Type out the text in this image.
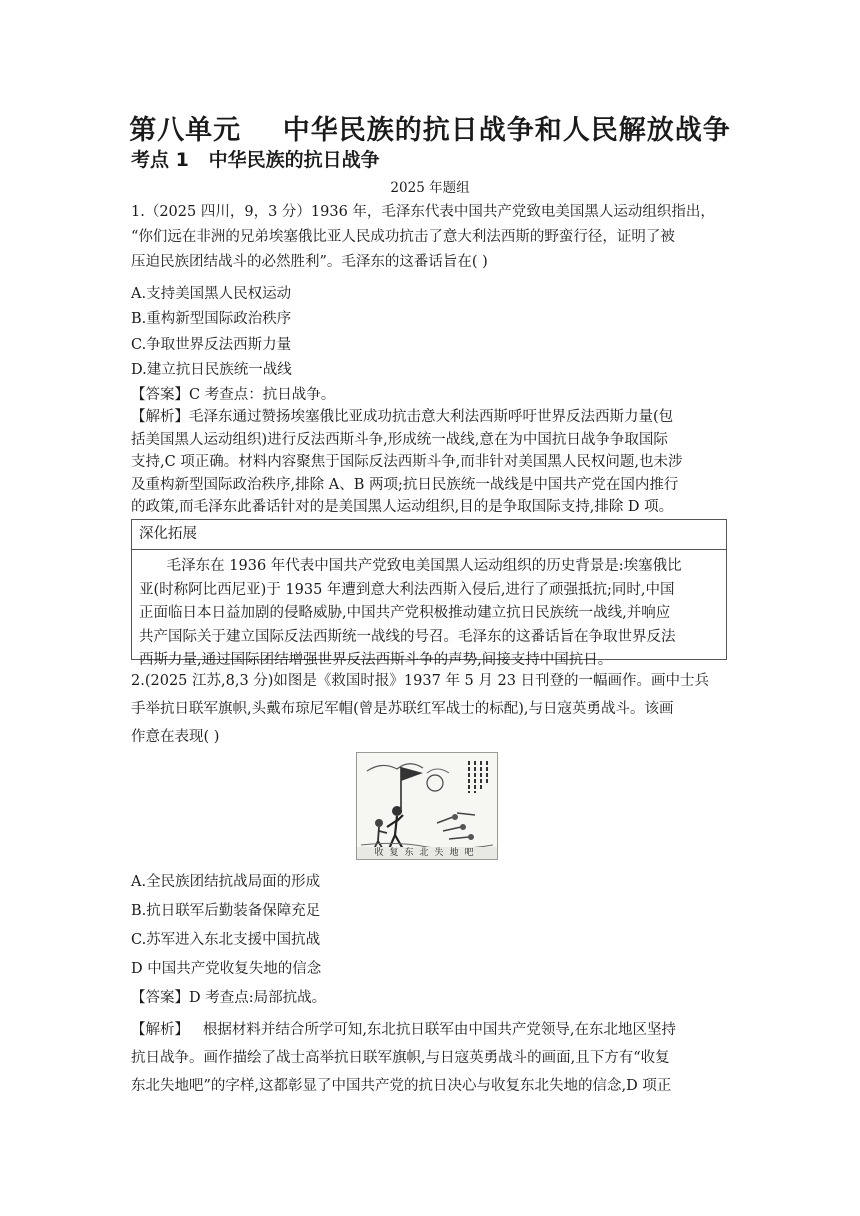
第八单元    中华民族的抗日战争和人民解放战争
考点 1   中华民族的抗日战争
2025 年题组
1.（2025 四川，9，3 分）1936 年，毛泽东代表中国共产党致电美国黑人运动组织指出，
“你们远在非洲的兄弟埃塞俄比亚人民成功抗击了意大利法西斯的野蛮行径，证明了被
压迫民族团结战斗的必然胜利”。毛泽东的这番话旨在( )
A.支持美国黑人民权运动
B.重构新型国际政治秩序
C.争取世界反法西斯力量
D.建立抗日民族统一战线
【答案】C 考查点：抗日战争。
【解析】毛泽东通过赞扬埃塞俄比亚成功抗击意大利法西斯呼吁世界反法西斯力量(包
括美国黑人运动组织)进行反法西斯斗争,形成统一战线,意在为中国抗日战争争取国际
支持,C 项正确。材料内容聚焦于国际反法西斯斗争,而非针对美国黑人民权问题,也未涉
及重构新型国际政治秩序,排除 A、B 两项;抗日民族统一战线是中国共产党在国内推行
的政策,而毛泽东此番话针对的是美国黑人运动组织,目的是争取国际支持,排除 D 项。
深化拓展
毛泽东在 1936 年代表中国共产党致电美国黑人运动组织的历史背景是:埃塞俄比
亚(时称阿比西尼亚)于 1935 年遭到意大利法西斯入侵后,进行了顽强抵抗;同时,中国
正面临日本日益加剧的侵略威胁,中国共产党积极推动建立抗日民族统一战线,并响应
共产国际关于建立国际反法西斯统一战线的号召。毛泽东的这番话旨在争取世界反法
西斯力量,通过国际团结增强世界反法西斯斗争的声势,间接支持中国抗日。
2.(2025 江苏,8,3 分)如图是《救国时报》1937 年 5 月 23 日刊登的一幅画作。画中士兵
手举抗日联军旗帜,头戴布琼尼军帽(曾是苏联红军战士的标配),与日寇英勇战斗。该画
作意在表现( )
收复东北失地吧
A.全民族团结抗战局面的形成
B.抗日联军后勤装备保障充足
C.苏军进入东北支援中国抗战
D 中国共产党收复失地的信念
【答案】D 考查点:局部抗战。
【解析】   根据材料并结合所学可知,东北抗日联军由中国共产党领导,在东北地区坚持
抗日战争。画作描绘了战士高举抗日联军旗帜,与日寇英勇战斗的画面,且下方有“收复
东北失地吧”的字样,这都彰显了中国共产党的抗日决心与收复东北失地的信念,D 项正
